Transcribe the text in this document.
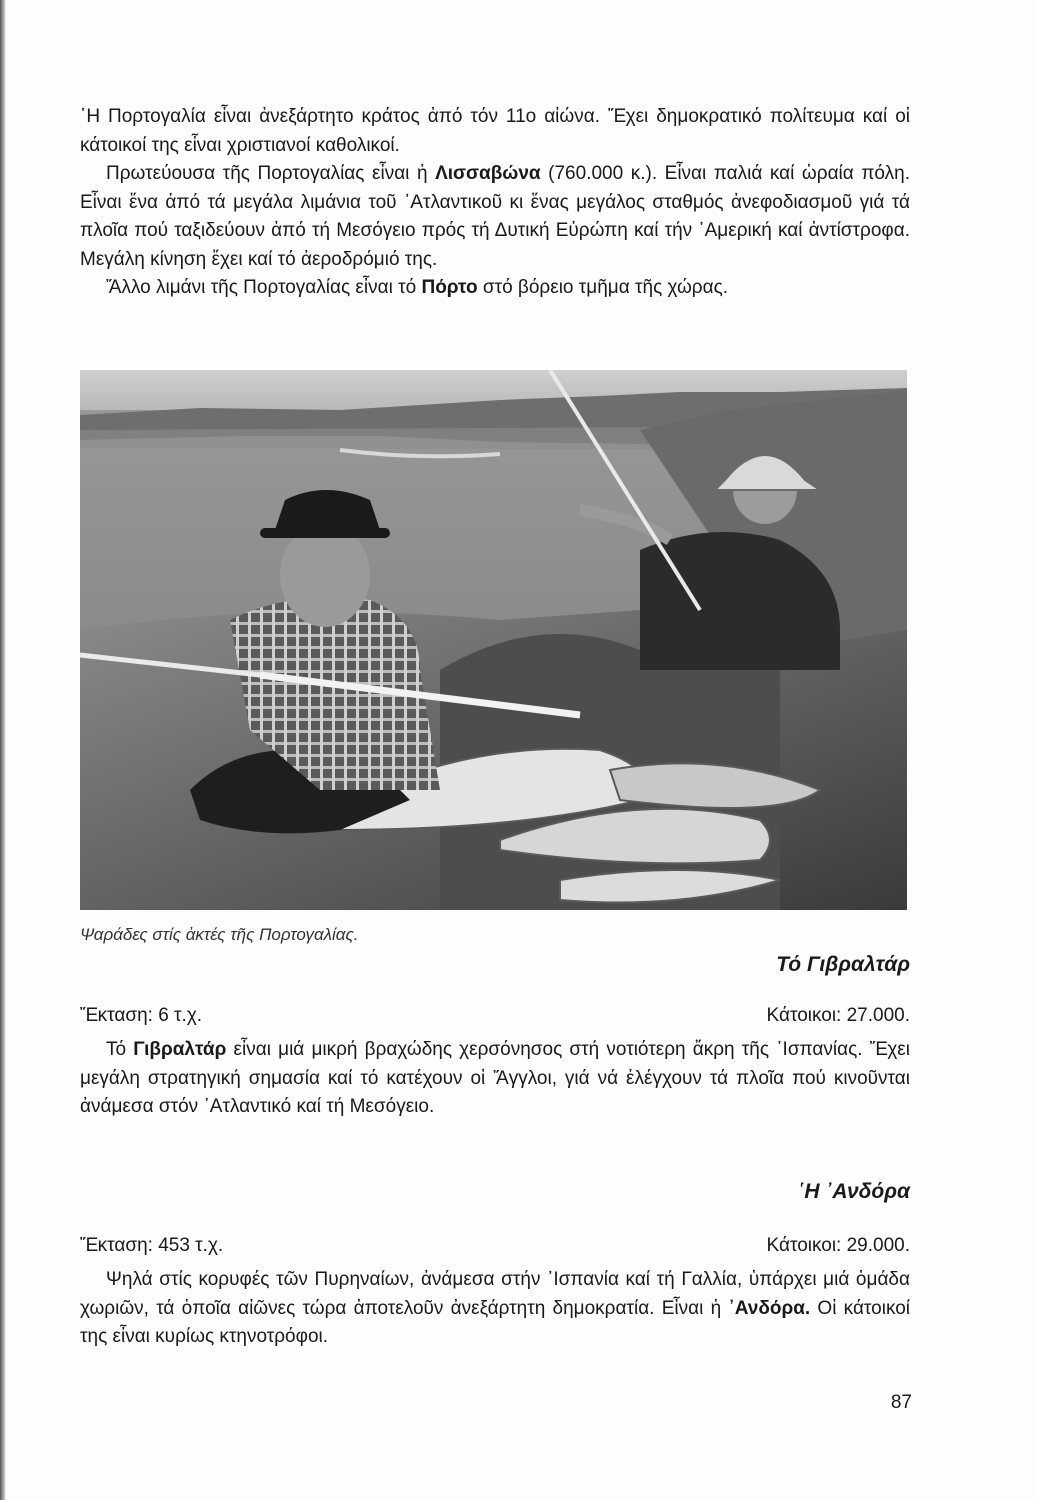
῾Η Πορτογαλία εἶναι ἀνεξάρτητο κράτος ἀπό τόν 11ο αἰώνα. Ἔχει δημοκρατικό πολίτευμα καί οἱ κάτοικοί της εἶναι χριστιανοί καθολικοί.

Πρωτεύουσα τῆς Πορτογαλίας εἶναι ἡ Λισσαβώνα (760.000 κ.). Εἶναι παλιά καί ὡραία πόλη. Εἶναι ἕνα ἀπό τά μεγάλα λιμάνια τοῦ ᾿Ατλαντικοῦ κι ἕνας μεγάλος σταθμός ἀνεφοδιασμοῦ γιά τά πλοῖα πού ταξιδεύουν ἀπό τή Μεσόγειο πρός τή Δυτική Εὐρώπη καί τήν ᾿Αμερική καί ἀντίστροφα. Μεγάλη κίνηση ἔχει καί τό ἀεροδρόμιό της.

Ἄλλο λιμάνι τῆς Πορτογαλίας εἶναι τό Πόρτο στό βόρειο τμῆμα τῆς χώρας.

Ψαράδες στίς ἀκτές τῆς Πορτογαλίας.
Τό Γιβραλτάρ
Ἔκταση: 6 τ.χ.	Κάτοικοι: 27.000.

Τό Γιβραλτάρ εἶναι μιά μικρή βραχώδης χερσόνησος στή νοτιότερη ἄκρη τῆς ᾿Ισπανίας. Ἔχει μεγάλη στρατηγική σημασία καί τό κατέχουν οἱ Ἄγγλοι, γιά νά ἐλέγχουν τά πλοῖα πού κινοῦνται ἀνάμεσα στόν ᾿Ατλαντικό καί τή Μεσόγειο.

῾Η ᾿Ανδόρα
Ἔκταση: 453 τ.χ.	Κάτοικοι: 29.000.

Ψηλά στίς κορυφές τῶν Πυρηναίων, ἀνάμεσα στήν ᾿Ισπανία καί τή Γαλλία, ὑπάρχει μιά ὁμάδα χωριῶν, τά ὁποῖα αἰῶνες τώρα ἀποτελοῦν ἀνεξάρτητη δημοκρατία. Εἶναι ἡ ᾿Ανδόρα. Οἱ κάτοικοί της εἶναι κυρίως κτηνοτρόφοι.

87
